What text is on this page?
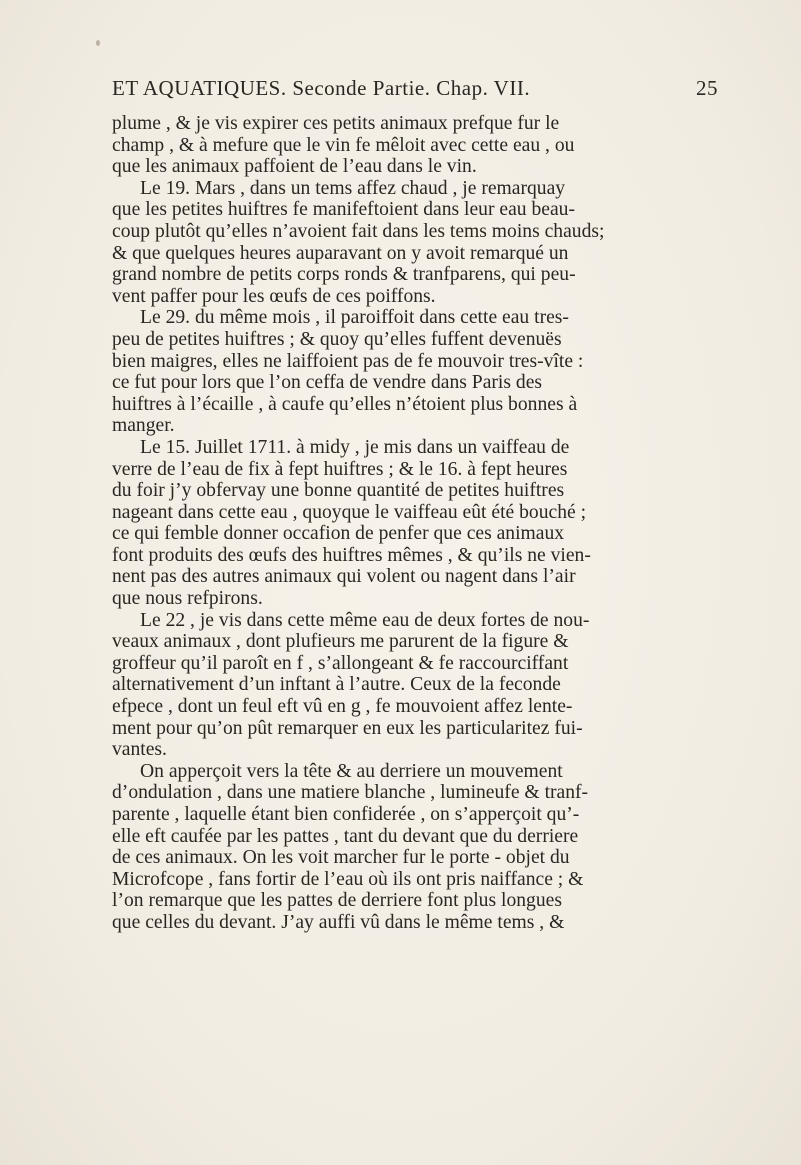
ET AQUATIQUES. Seconde Partie. Chap. VII.	25
plume , & je vis expirer ces petits animaux prefque fur le
champ , & à mefure que le vin fe mêloit avec cette eau , ou
que les animaux paffoient de l’eau dans le vin.
Le 19. Mars , dans un tems affez chaud , je remarquay
que les petites huiftres fe manifeftoient dans leur eau beau-
coup plutôt qu’elles n’avoient fait dans les tems moins chauds;
& que quelques heures auparavant on y avoit remarqué un
grand nombre de petits corps ronds & tranfparens, qui peu-
vent paffer pour les œufs de ces poiffons.
Le 29. du même mois , il paroiffoit dans cette eau tres-
peu de petites huiftres ; & quoy qu’elles fuffent devenuës
bien maigres, elles ne laiffoient pas de fe mouvoir tres-vîte :
ce fut pour lors que l’on ceffa de vendre dans Paris des
huiftres à l’écaille , à caufe qu’elles n’étoient plus bonnes à
manger.
Le 15. Juillet 1711. à midy , je mis dans un vaiffeau de
verre de l’eau de fix à fept huiftres ; & le 16. à fept heures
du foir j’y obfervay une bonne quantité de petites huiftres
nageant dans cette eau , quoyque le vaiffeau eût été bouché ;
ce qui femble donner occafion de penfer que ces animaux
font produits des œufs des huiftres mêmes , & qu’ils ne vien-
nent pas des autres animaux qui volent ou nagent dans l’air
que nous refpirons.
Le 22 , je vis dans cette même eau de deux fortes de nou-
veaux animaux , dont plufieurs me parurent de la figure &
groffeur qu’il paroît en f , s’allongeant & fe raccourciffant
alternativement d’un inftant à l’autre. Ceux de la feconde
efpece , dont un feul eft vû en g , fe mouvoient affez lente-
ment pour qu’on pût remarquer en eux les particularitez fui-
vantes.
On apperçoit vers la tête & au derriere un mouvement
d’ondulation , dans une matiere blanche , lumineufe & tranf-
parente , laquelle étant bien confiderée , on s’apperçoit qu’-
elle eft caufée par les pattes , tant du devant que du derriere
de ces animaux. On les voit marcher fur le porte - objet du
Microfcope , fans fortir de l’eau où ils ont pris naiffance ; &
l’on remarque que les pattes de derriere font plus longues
que celles du devant. J’ay auffi vû dans le même tems , &
